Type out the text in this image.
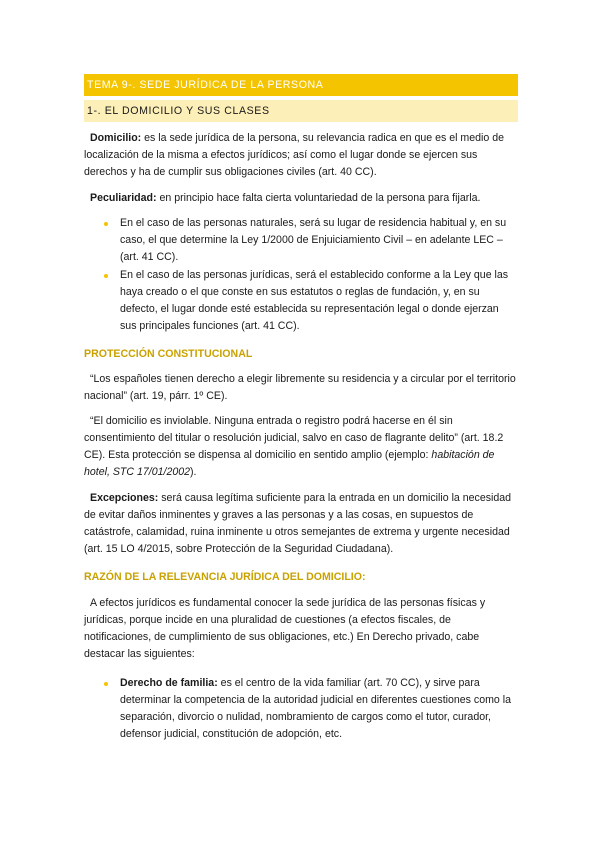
TEMA 9-. SEDE JURÍDICA DE LA PERSONA
1-. EL DOMICILIO Y SUS CLASES

Domicilio: es la sede jurídica de la persona, su relevancia radica en que es el medio de localización de la misma a efectos jurídicos; así como el lugar donde se ejercen sus derechos y ha de cumplir sus obligaciones civiles (art. 40 CC).

Peculiaridad: en principio hace falta cierta voluntariedad de la persona para fijarla.

En el caso de las personas naturales, será su lugar de residencia habitual y, en su caso, el que determine la Ley 1/2000 de Enjuiciamiento Civil – en adelante LEC – (art. 41 CC).
En el caso de las personas jurídicas, será el establecido conforme a la Ley que las haya creado o el que conste en sus estatutos o reglas de fundación, y, en su defecto, el lugar donde esté establecida su representación legal o donde ejerzan sus principales funciones (art. 41 CC).

PROTECCIÓN CONSTITUCIONAL

“Los españoles tienen derecho a elegir libremente su residencia y a circular por el territorio nacional” (art. 19, párr. 1º CE).

“El domicilio es inviolable. Ninguna entrada o registro podrá hacerse en él sin consentimiento del titular o resolución judicial, salvo en caso de flagrante delito” (art. 18.2 CE). Esta protección se dispensa al domicilio en sentido amplio (ejemplo: habitación de hotel, STC 17/01/2002).

Excepciones: será causa legítima suficiente para la entrada en un domicilio la necesidad de evitar daños inminentes y graves a las personas y a las cosas, en supuestos de catástrofe, calamidad, ruina inminente u otros semejantes de extrema y urgente necesidad (art. 15 LO 4/2015, sobre Protección de la Seguridad Ciudadana).

RAZÓN DE LA RELEVANCIA JURÍDICA DEL DOMICILIO:

A efectos jurídicos es fundamental conocer la sede jurídica de las personas físicas y jurídicas, porque incide en una pluralidad de cuestiones (a efectos fiscales, de notificaciones, de cumplimiento de sus obligaciones, etc.) En Derecho privado, cabe destacar las siguientes:

Derecho de familia: es el centro de la vida familiar (art. 70 CC), y sirve para determinar la competencia de la autoridad judicial en diferentes cuestiones como la separación, divorcio o nulidad, nombramiento de cargos como el tutor, curador, defensor judicial, constitución de adopción, etc.
